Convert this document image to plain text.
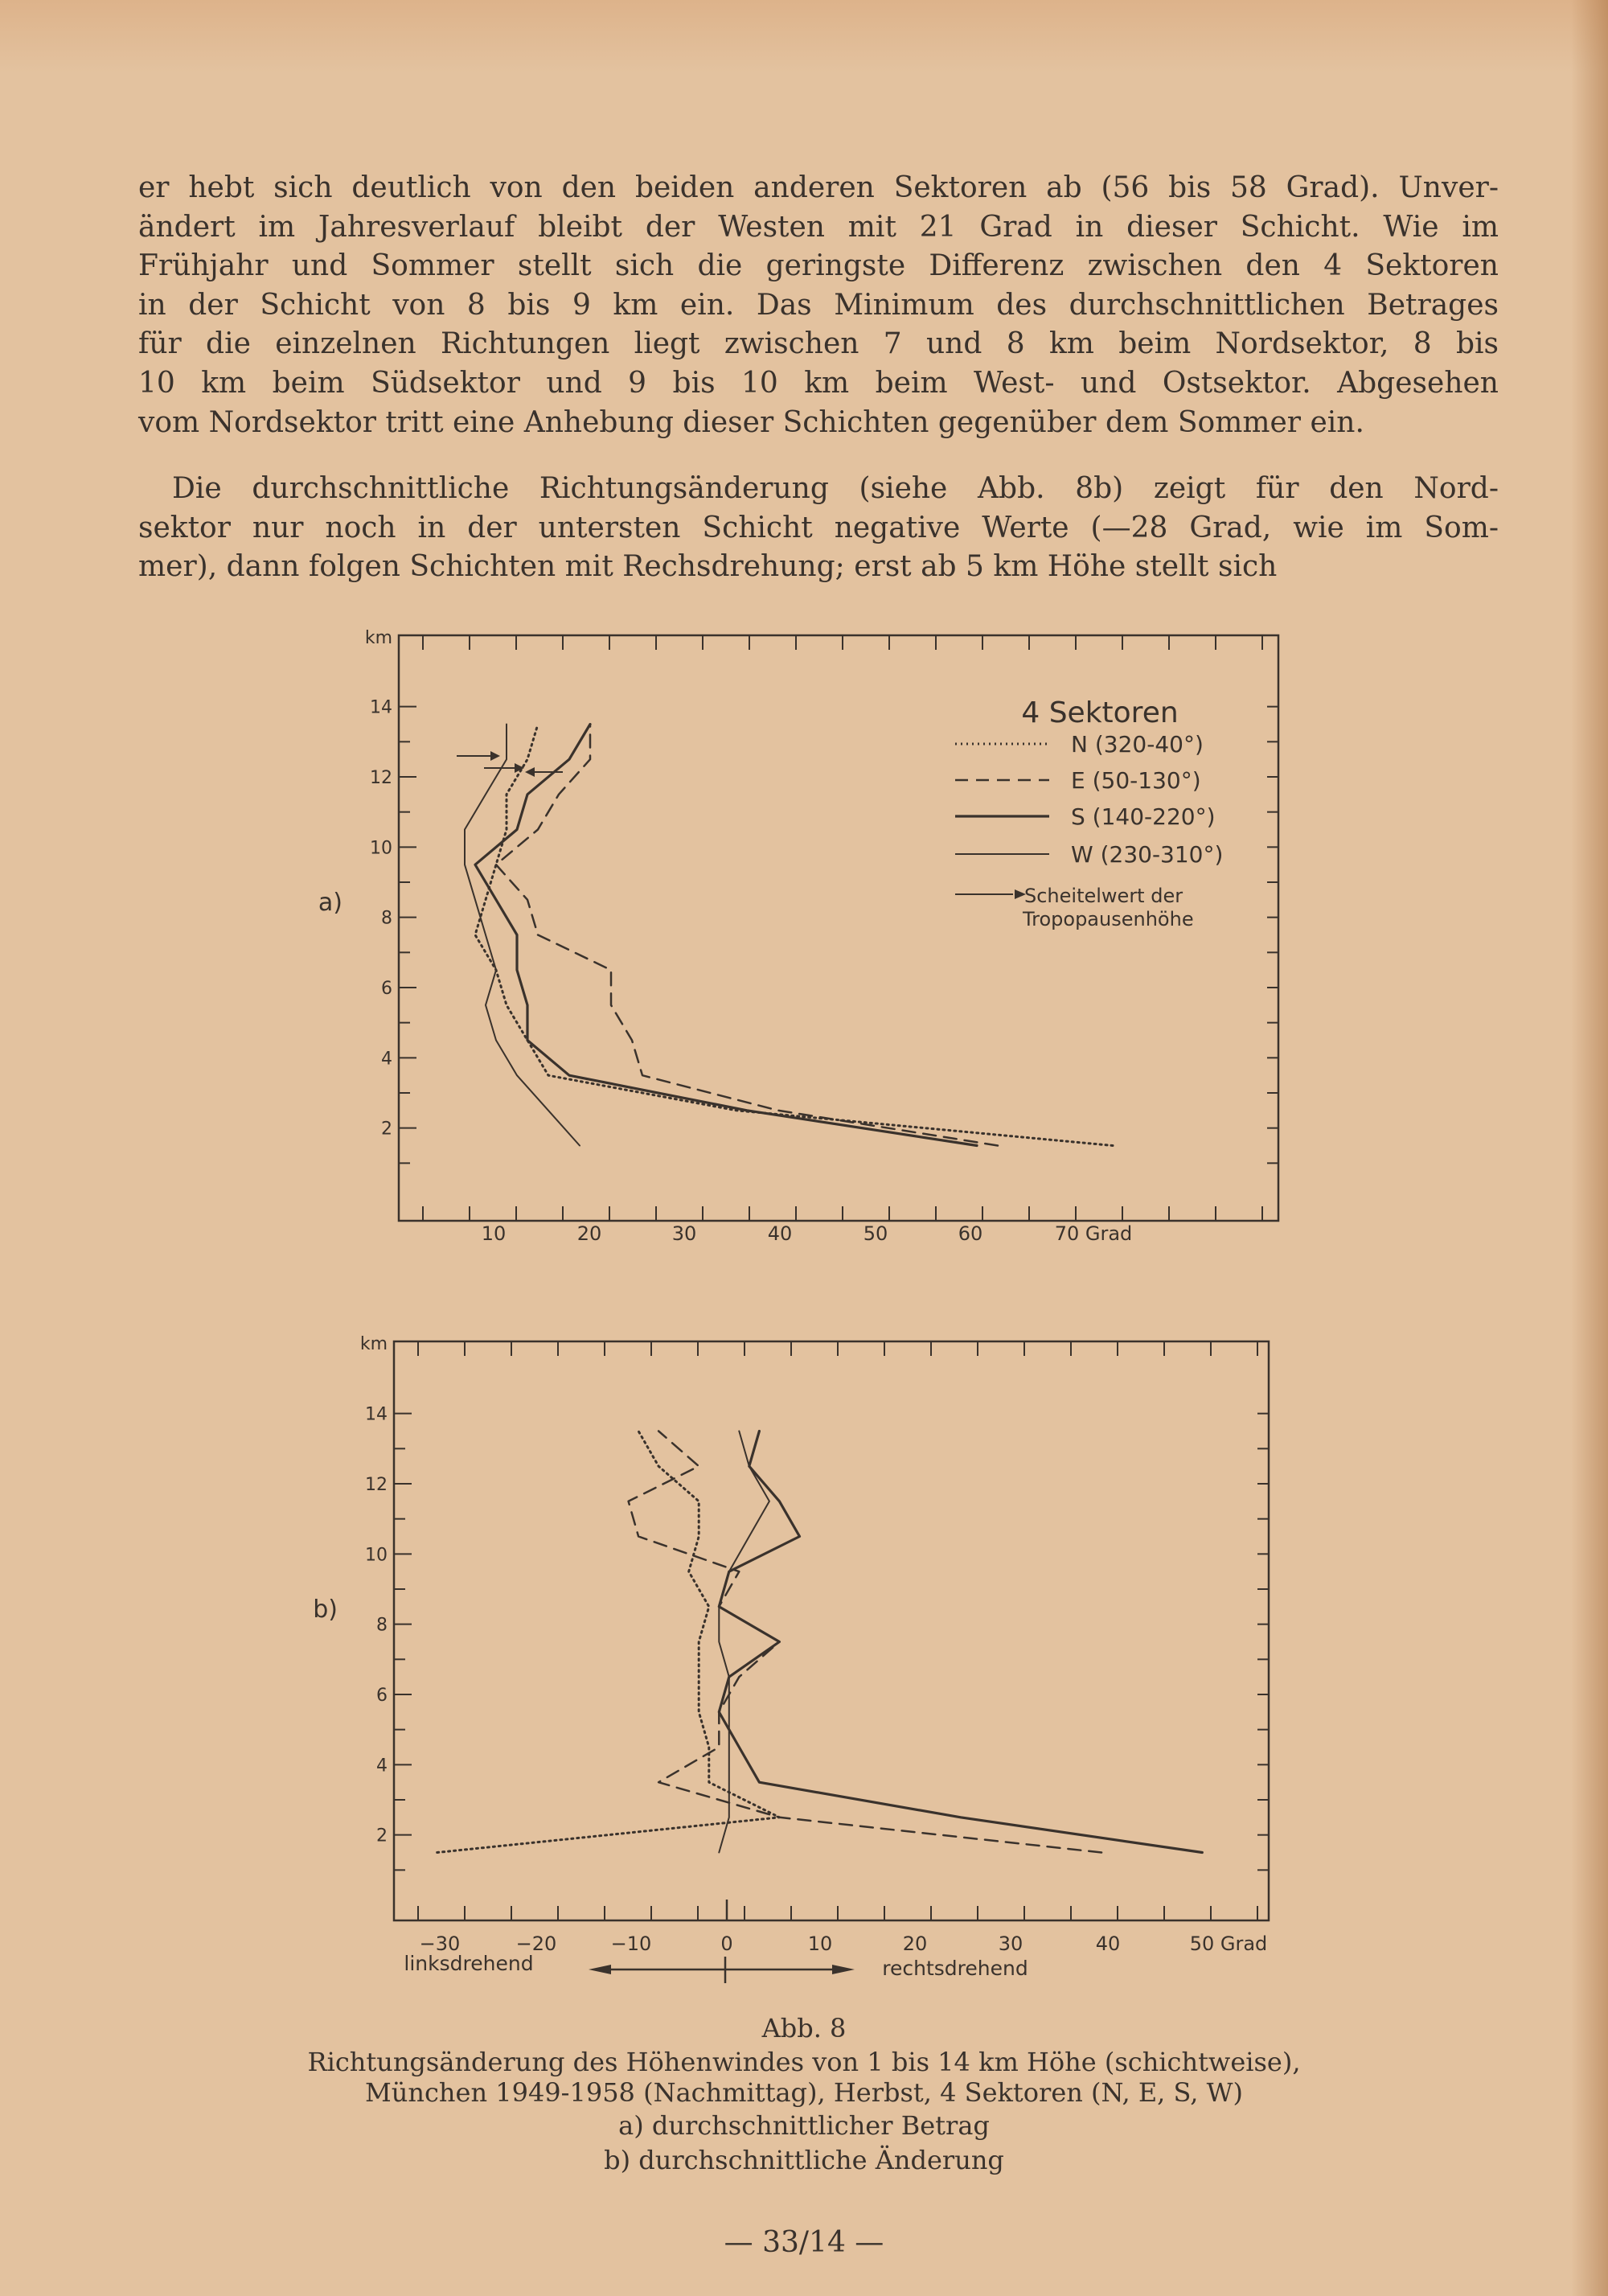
er hebt sich deutlich von den beiden anderen Sektoren ab (56 bis 58 Grad). Unver-
ändert im Jahresverlauf bleibt der Westen mit 21 Grad in dieser Schicht. Wie im
Frühjahr und Sommer stellt sich die geringste Differenz zwischen den 4 Sektoren
in der Schicht von 8 bis 9 km ein. Das Minimum des durchschnittlichen Betrages
für die einzelnen Richtungen liegt zwischen 7 und 8 km beim Nordsektor, 8 bis
10 km beim Südsektor und 9 bis 10 km beim West- und Ostsektor. Abgesehen
vom Nordsektor tritt eine Anhebung dieser Schichten gegenüber dem Sommer ein.
Die durchschnittliche Richtungsänderung (siehe Abb. 8b) zeigt für den Nord-
sektor nur noch in der untersten Schicht negative Werte (—28 Grad, wie im Som-
mer), dann folgen Schichten mit Rechsdrehung; erst ab 5 km Höhe stellt sich
14
12
10
8
6
4
2
km
a)
10	20	30	40	50	60	70 Grad
4 Sektoren
N (320-40°)
E (50-130°)
S (140-220°)
W (230-310°)
Scheitelwert der
Tropopausenhöhe
14
12
10
8
6
4
2
km
b)
−30	−20	−10	0	10	20	30	40	50 Grad
linksdrehend	rechtsdrehend
Abb. 8
Richtungsänderung des Höhenwindes von 1 bis 14 km Höhe (schichtweise),
München 1949-1958 (Nachmittag), Herbst, 4 Sektoren (N, E, S, W)
a) durchschnittlicher Betrag
b) durchschnittliche Änderung
— 33/14 —
